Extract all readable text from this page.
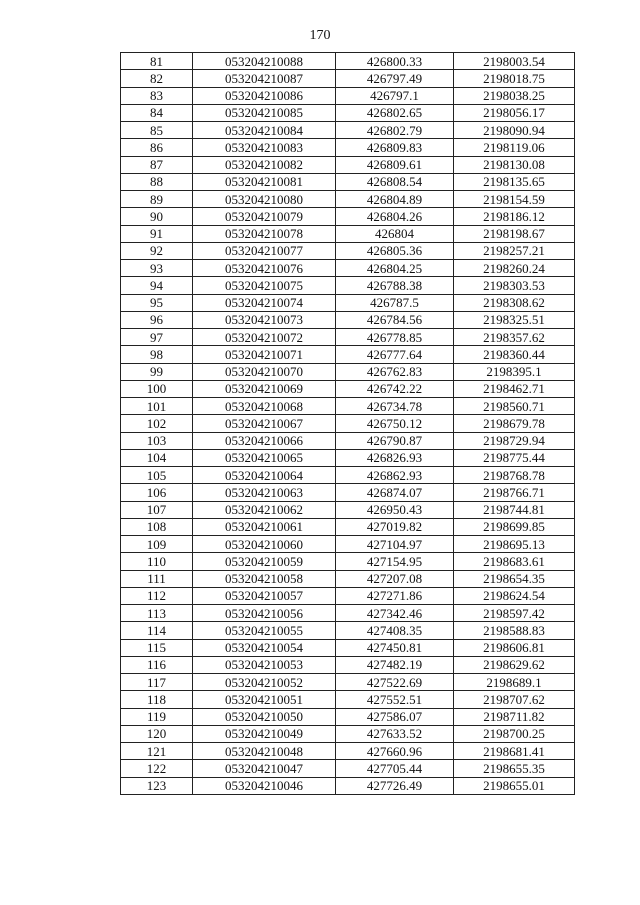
170
81	053204210088	426800.33	2198003.54
82	053204210087	426797.49	2198018.75
83	053204210086	426797.1	2198038.25
84	053204210085	426802.65	2198056.17
85	053204210084	426802.79	2198090.94
86	053204210083	426809.83	2198119.06
87	053204210082	426809.61	2198130.08
88	053204210081	426808.54	2198135.65
89	053204210080	426804.89	2198154.59
90	053204210079	426804.26	2198186.12
91	053204210078	426804	2198198.67
92	053204210077	426805.36	2198257.21
93	053204210076	426804.25	2198260.24
94	053204210075	426788.38	2198303.53
95	053204210074	426787.5	2198308.62
96	053204210073	426784.56	2198325.51
97	053204210072	426778.85	2198357.62
98	053204210071	426777.64	2198360.44
99	053204210070	426762.83	2198395.1
100	053204210069	426742.22	2198462.71
101	053204210068	426734.78	2198560.71
102	053204210067	426750.12	2198679.78
103	053204210066	426790.87	2198729.94
104	053204210065	426826.93	2198775.44
105	053204210064	426862.93	2198768.78
106	053204210063	426874.07	2198766.71
107	053204210062	426950.43	2198744.81
108	053204210061	427019.82	2198699.85
109	053204210060	427104.97	2198695.13
110	053204210059	427154.95	2198683.61
111	053204210058	427207.08	2198654.35
112	053204210057	427271.86	2198624.54
113	053204210056	427342.46	2198597.42
114	053204210055	427408.35	2198588.83
115	053204210054	427450.81	2198606.81
116	053204210053	427482.19	2198629.62
117	053204210052	427522.69	2198689.1
118	053204210051	427552.51	2198707.62
119	053204210050	427586.07	2198711.82
120	053204210049	427633.52	2198700.25
121	053204210048	427660.96	2198681.41
122	053204210047	427705.44	2198655.35
123	053204210046	427726.49	2198655.01
